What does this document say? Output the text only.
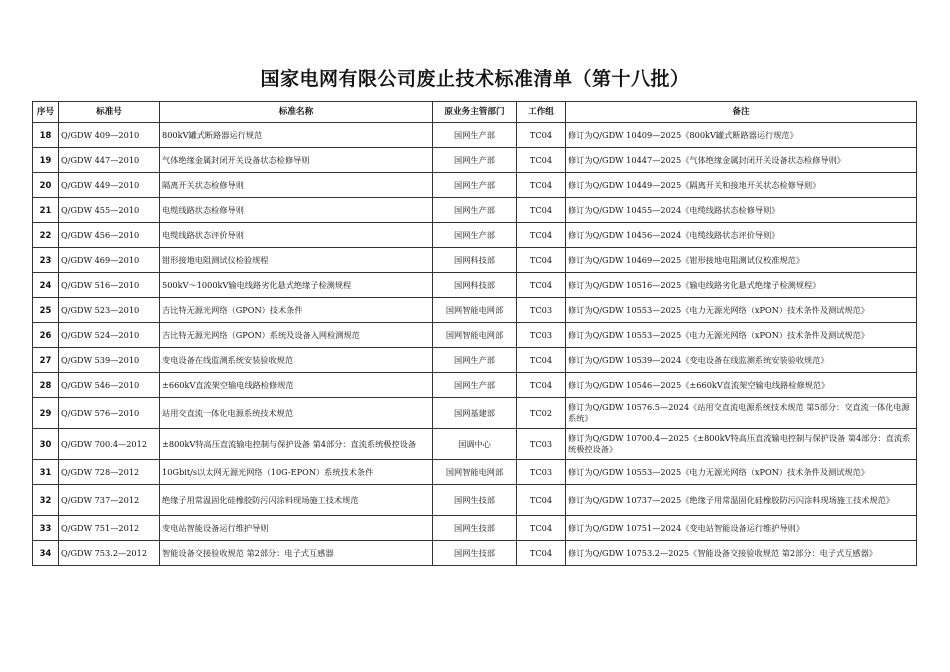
国家电网有限公司废止技术标准清单（第十八批）
序号	标准号	标准名称	原业务主管部门	工作组	备注
18	Q/GDW 409—2010	800kV罐式断路器运行规范	国网生产部	TC04	修订为Q/GDW 10409—2025《800kV罐式断路器运行规范》
19	Q/GDW 447—2010	气体绝缘金属封闭开关设备状态检修导则	国网生产部	TC04	修订为Q/GDW 10447—2025《气体绝缘金属封闭开关设备状态检修导则》
20	Q/GDW 449—2010	隔离开关状态检修导则	国网生产部	TC04	修订为Q/GDW 10449—2025《隔离开关和接地开关状态检修导则》
21	Q/GDW 455—2010	电缆线路状态检修导则	国网生产部	TC04	修订为Q/GDW 10455—2024《电缆线路状态检修导则》
22	Q/GDW 456—2010	电缆线路状态评价导则	国网生产部	TC04	修订为Q/GDW 10456—2024《电缆线路状态评价导则》
23	Q/GDW 469—2010	钳形接地电阻测试仪检验规程	国网科技部	TC04	修订为Q/GDW 10469—2025《钳形接地电阻测试仪校准规范》
24	Q/GDW 516—2010	500kV～1000kV输电线路劣化悬式绝缘子检测规程	国网科技部	TC04	修订为Q/GDW 10516—2025《输电线路劣化悬式绝缘子检测规程》
25	Q/GDW 523—2010	吉比特无源光网络（GPON）技术条件	国网智能电网部	TC03	修订为Q/GDW 10553—2025《电力无源光网络（xPON）技术条件及测试规范》
26	Q/GDW 524—2010	吉比特无源光网络（GPON）系统及设备入网检测规范	国网智能电网部	TC03	修订为Q/GDW 10553—2025《电力无源光网络（xPON）技术条件及测试规范》
27	Q/GDW 539—2010	变电设备在线监测系统安装验收规范	国网生产部	TC04	修订为Q/GDW 10539—2024《变电设备在线监测系统安装验收规范》
28	Q/GDW 546—2010	±660kV直流架空输电线路检修规范	国网生产部	TC04	修订为Q/GDW 10546—2025《±660kV直流架空输电线路检修规范》
29	Q/GDW 576—2010	站用交直流一体化电源系统技术规范	国网基建部	TC02	修订为Q/GDW 10576.5—2024《站用交直流电源系统技术规范 第5部分：交直流一体化电源系统》
30	Q/GDW 700.4—2012	±800kV特高压直流输电控制与保护设备 第4部分：直流系统极控设备	国调中心	TC03	修订为Q/GDW 10700.4—2025《±800kV特高压直流输电控制与保护设备 第4部分：直流系统极控设备》
31	Q/GDW 728—2012	10Gbit/s以太网无源光网络（10G-EPON）系统技术条件	国网智能电网部	TC03	修订为Q/GDW 10553—2025《电力无源光网络（xPON）技术条件及测试规范》
32	Q/GDW 737—2012	绝缘子用常温固化硅橡胶防污闪涂料现场施工技术规范	国网生技部	TC04	修订为Q/GDW 10737—2025《绝缘子用常温固化硅橡胶防污闪涂料现场施工技术规范》
33	Q/GDW 751—2012	变电站智能设备运行维护导则	国网生技部	TC04	修订为Q/GDW 10751—2024《变电站智能设备运行维护导则》
34	Q/GDW 753.2—2012	智能设备交接验收规范 第2部分：电子式互感器	国网生技部	TC04	修订为Q/GDW 10753.2—2025《智能设备交接验收规范 第2部分：电子式互感器》
